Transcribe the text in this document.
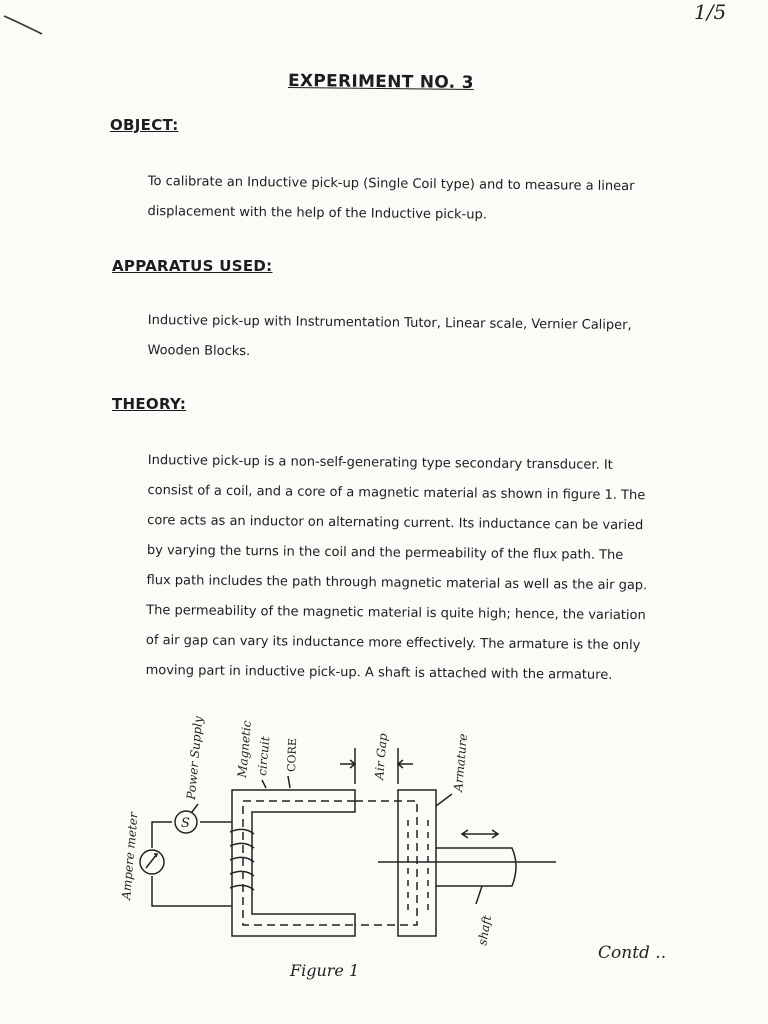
1/5
EXPERIMENT NO. 3
OBJECT:

To calibrate an Inductive pick-up (Single Coil type) and to measure a linear

displacement with the help of the Inductive pick-up.

APPARATUS USED:

Inductive pick-up with Instrumentation Tutor, Linear scale, Vernier Caliper,

Wooden Blocks.

THEORY:

Inductive pick-up is a non-self-generating type secondary transducer. It

consist of a coil, and a core of a magnetic material as shown in figure 1. The

core acts as an inductor on alternating current. Its inductance can be varied

by varying the turns in the coil and the permeability of the flux path. The

flux path includes the path through magnetic material as well as the air gap.

The permeability of the magnetic material is quite high; hence, the variation

of air gap can vary its inductance more effectively. The armature is the only

moving part in inductive pick-up. A shaft is attached with the armature.

S
Power Supply Magnetic circuit CORE	Air Gap	Armature
Ampere meter
shaft
Figure 1
Contd ..
